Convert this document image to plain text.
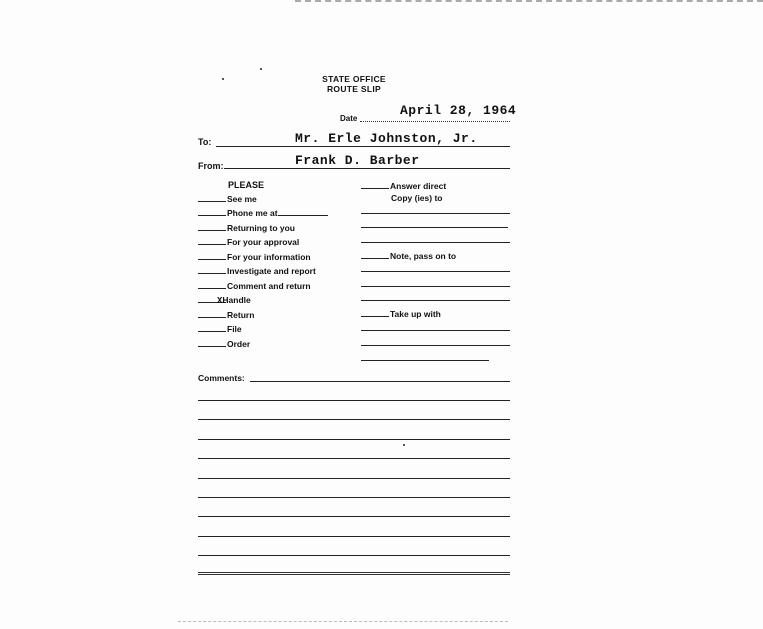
STATE OFFICE
ROUTE SLIP
Date
April 28, 1964
To:	Mr. Erle Johnston, Jr.
From:	Frank D. Barber
PLEASE
See me
Phone me at
Returning to you
For your approval
For your information
Investigate and report
Comment and return
XHandle
Return
File
Order
Answer direct
Copy (ies) to
Note, pass on to
Take up with
Comments:
